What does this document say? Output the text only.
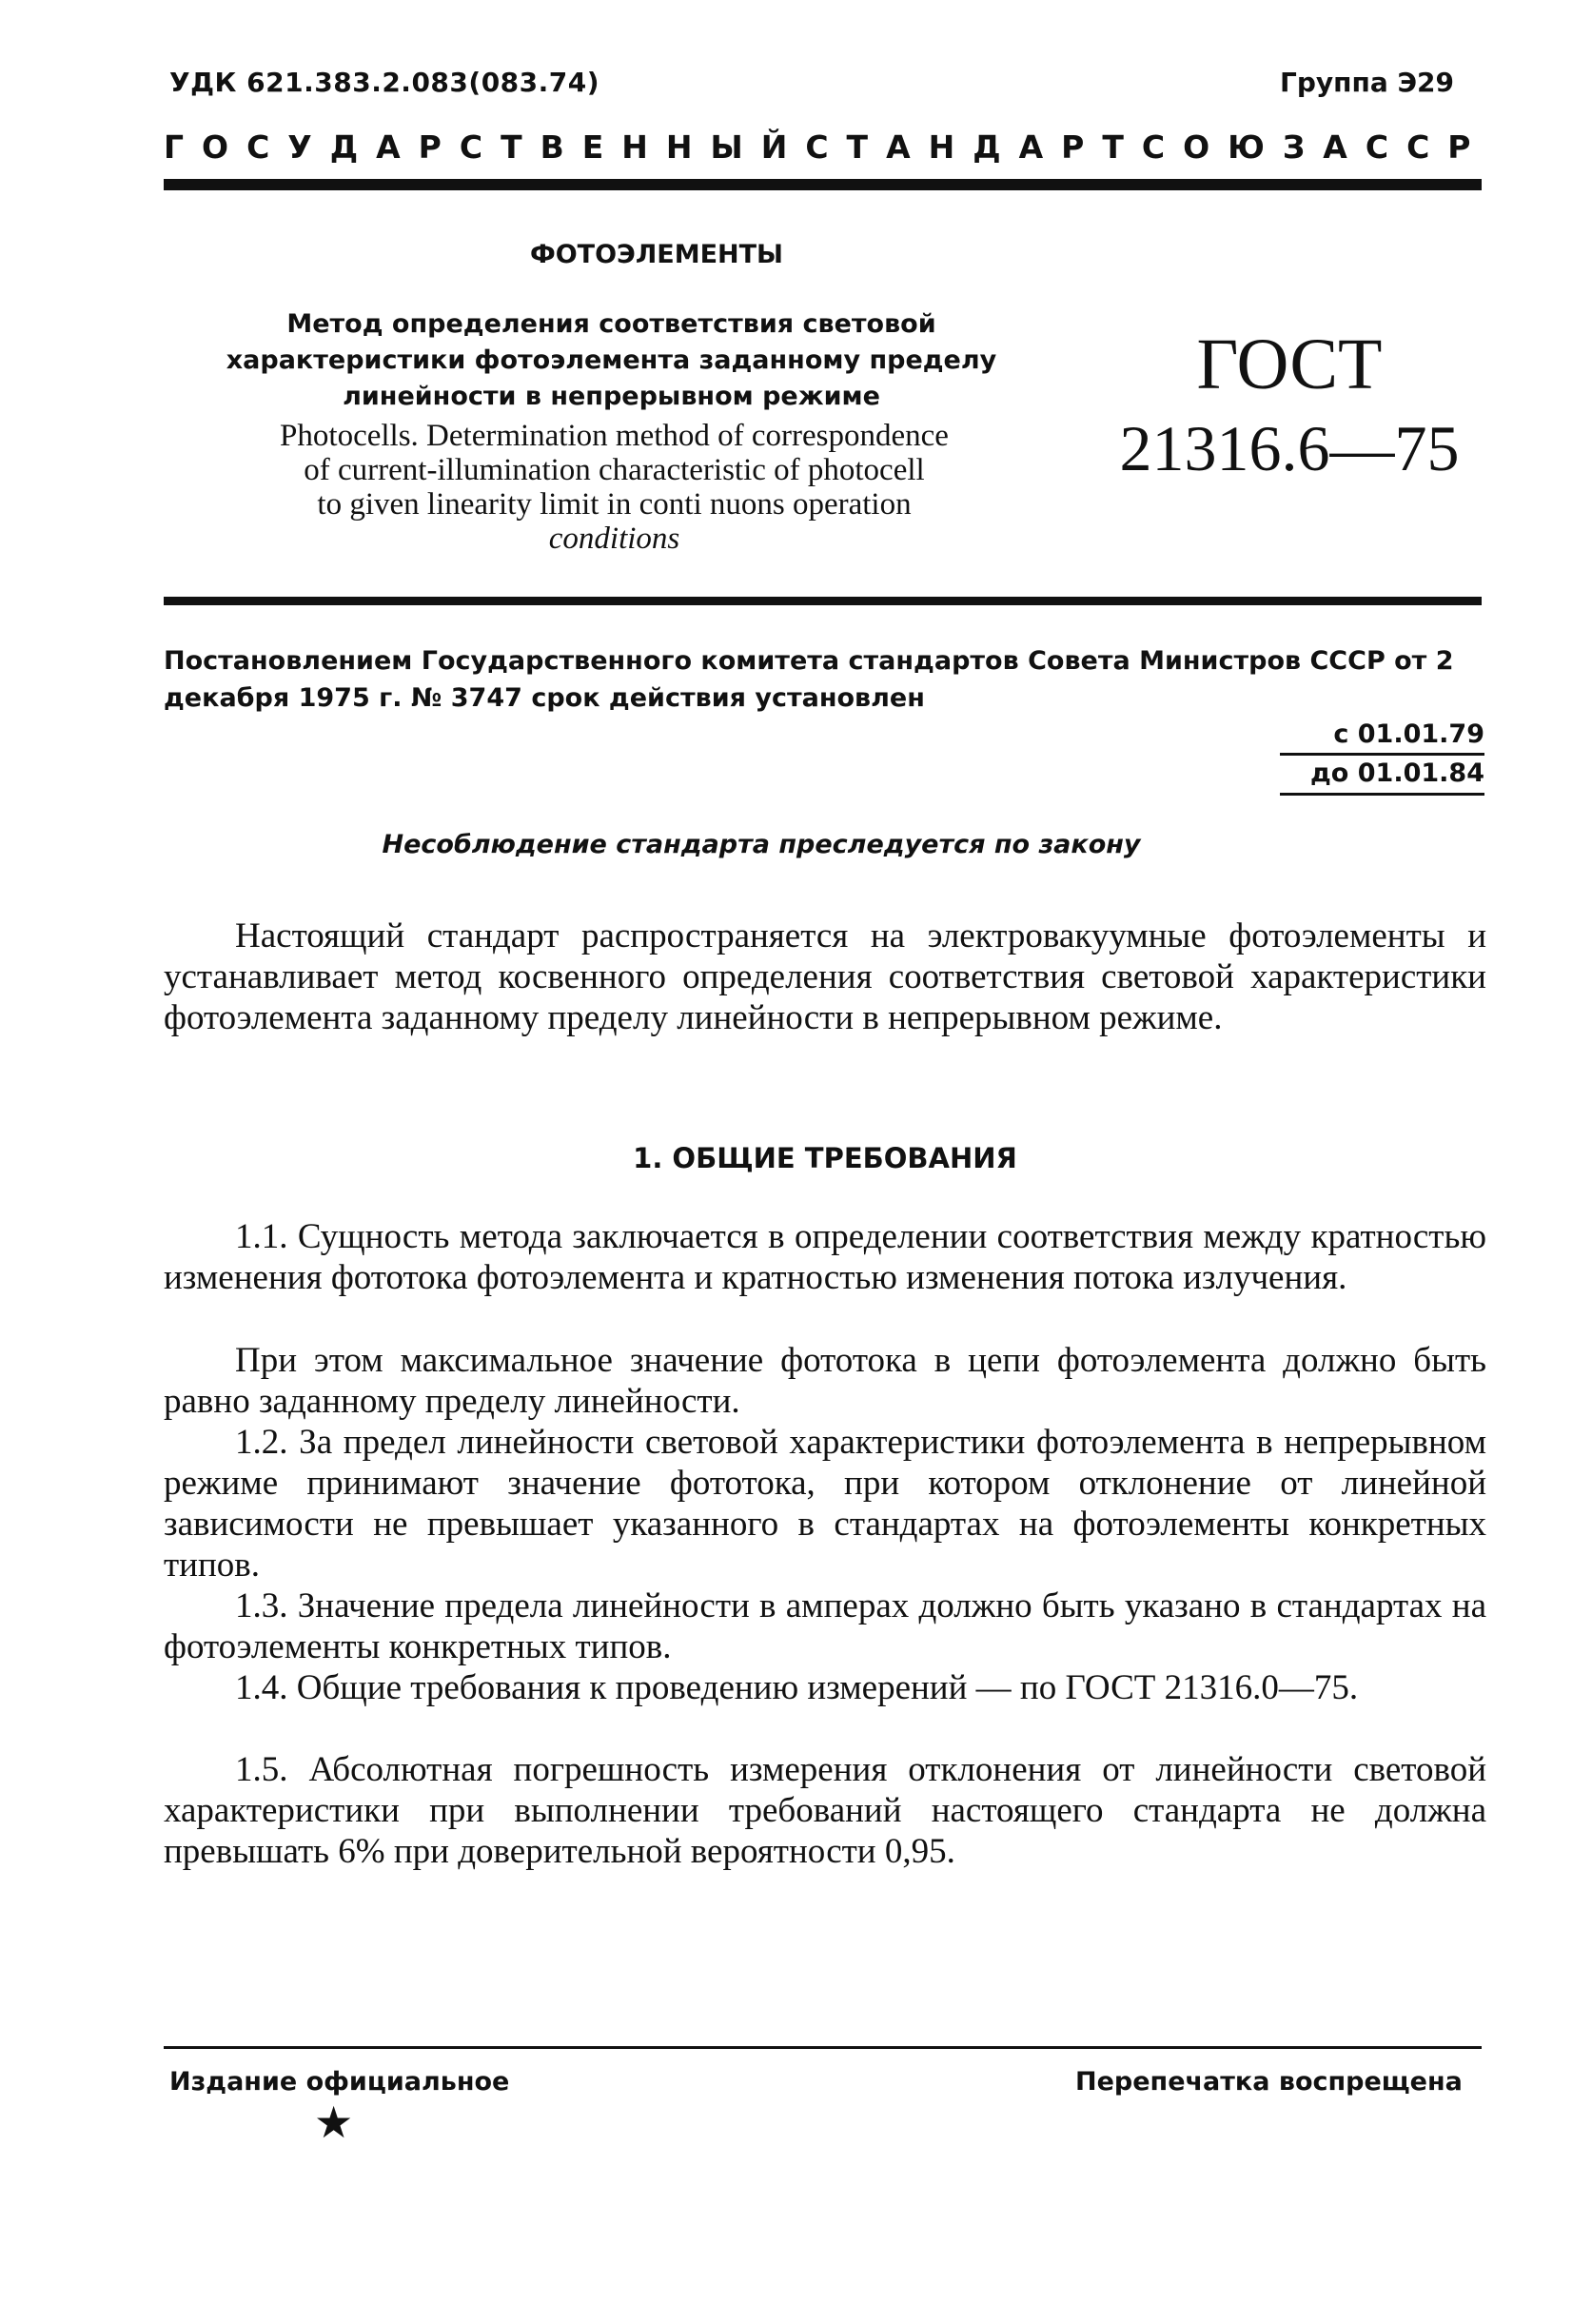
УДК 621.383.2.083(083.74)	Группа Э29
ГОСУДАРСТВЕННЫЙ СТАНДАРТ СОЮЗА ССР
ФОТОЭЛЕМЕНТЫ
Метод определения соответствия световой
характеристики фотоэлемента заданному пределу
линейности в непрерывном режиме
Photocells. Determination method of correspondence
of current-illumination characteristic of photocell
to given linearity limit in conti nuons operation
conditions
ГОСТ
21316.6—75
Постановлением Государственного комитета стандартов Совета Министров СССР от 2 декабря 1975 г. № 3747 срок действия установлен
с 01.01.79
до 01.01.84
Несоблюдение стандарта преследуется по закону

Настоящий стандарт распространяется на электровакуумные фотоэлементы и устанавливает метод косвенного определения соответствия световой характеристики фотоэлемента заданному пределу линейности в непрерывном режиме.

1. ОБЩИЕ ТРЕБОВАНИЯ

1.1. Сущность метода заключается в определении соответствия между кратностью изменения фототока фотоэлемента и кратностью изменения потока излучения.

При этом максимальное значение фототока в цепи фотоэлемента должно быть равно заданному пределу линейности.

1.2. За предел линейности световой характеристики фотоэлемента в непрерывном режиме принимают значение фототока, при котором отклонение от линейной зависимости не превышает указанного в стандартах на фотоэлементы конкретных типов.

1.3. Значение предела линейности в амперах должно быть указано в стандартах на фотоэлементы конкретных типов.

1.4. Общие требования к проведению измерений — по ГОСТ 21316.0—75.

1.5. Абсолютная погрешность измерения отклонения от линейности световой характеристики при выполнении требований настоящего стандарта не должна превышать 6% при доверительной вероятности 0,95.

Издание официальное	Перепечатка воспрещена
★
